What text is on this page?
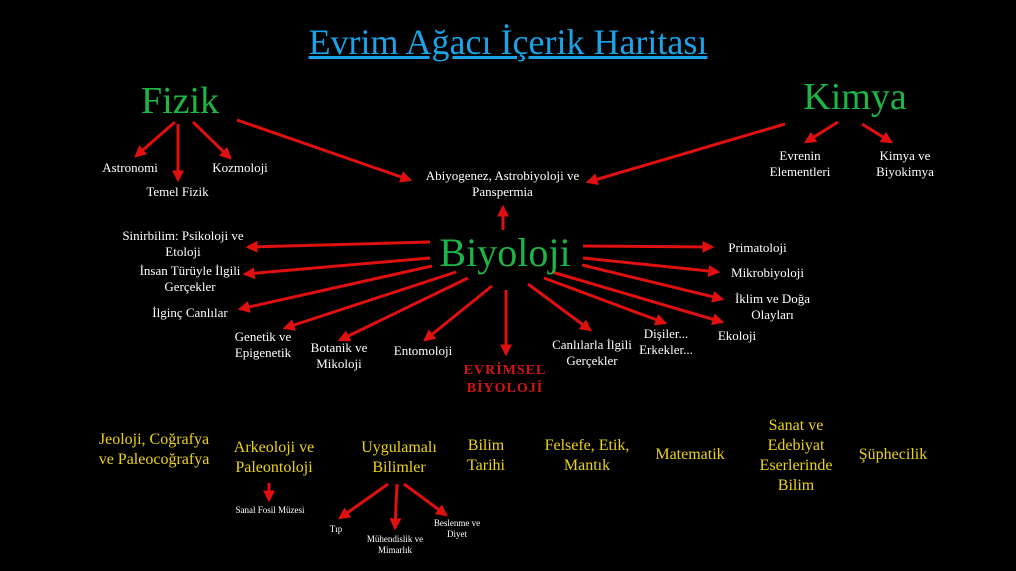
Evrim Ağacı İçerik Haritası
Fizik
Astronomi
Temel Fizik
Kozmoloji
Kimya
Evrenin Elementleri
Kimya ve Biyokimya
Abiyogenez, Astrobiyoloji ve Panspermia
Biyoloji
Sinirbilim: Psikoloji ve Etoloji
İnsan Türüyle İlgili Gerçekler
İlginç Canlılar
Primatoloji
Mikrobiyoloji
İklim ve Doğa Olayları
Genetik ve Epigenetik	Botanik ve Mikoloji
Entomoloji	Canlılarla İlgili Gerçekler
Dişiler... Erkekler...
Ekoloji
EVRİMSEL BİYOLOJİ
Jeoloji, Coğrafya ve Paleocoğrafya
Arkeoloji ve Paleontoloji
Uygulamalı Bilimler
Bilim Tarihi
Felsefe, Etik, Mantık
Matematik
Sanat ve Edebiyat Eserlerinde Bilim
Şüphecilik
Sanal Fosil Müzesi
Tıp
Mühendislik ve Mimarlık
Beslenme ve Diyet
